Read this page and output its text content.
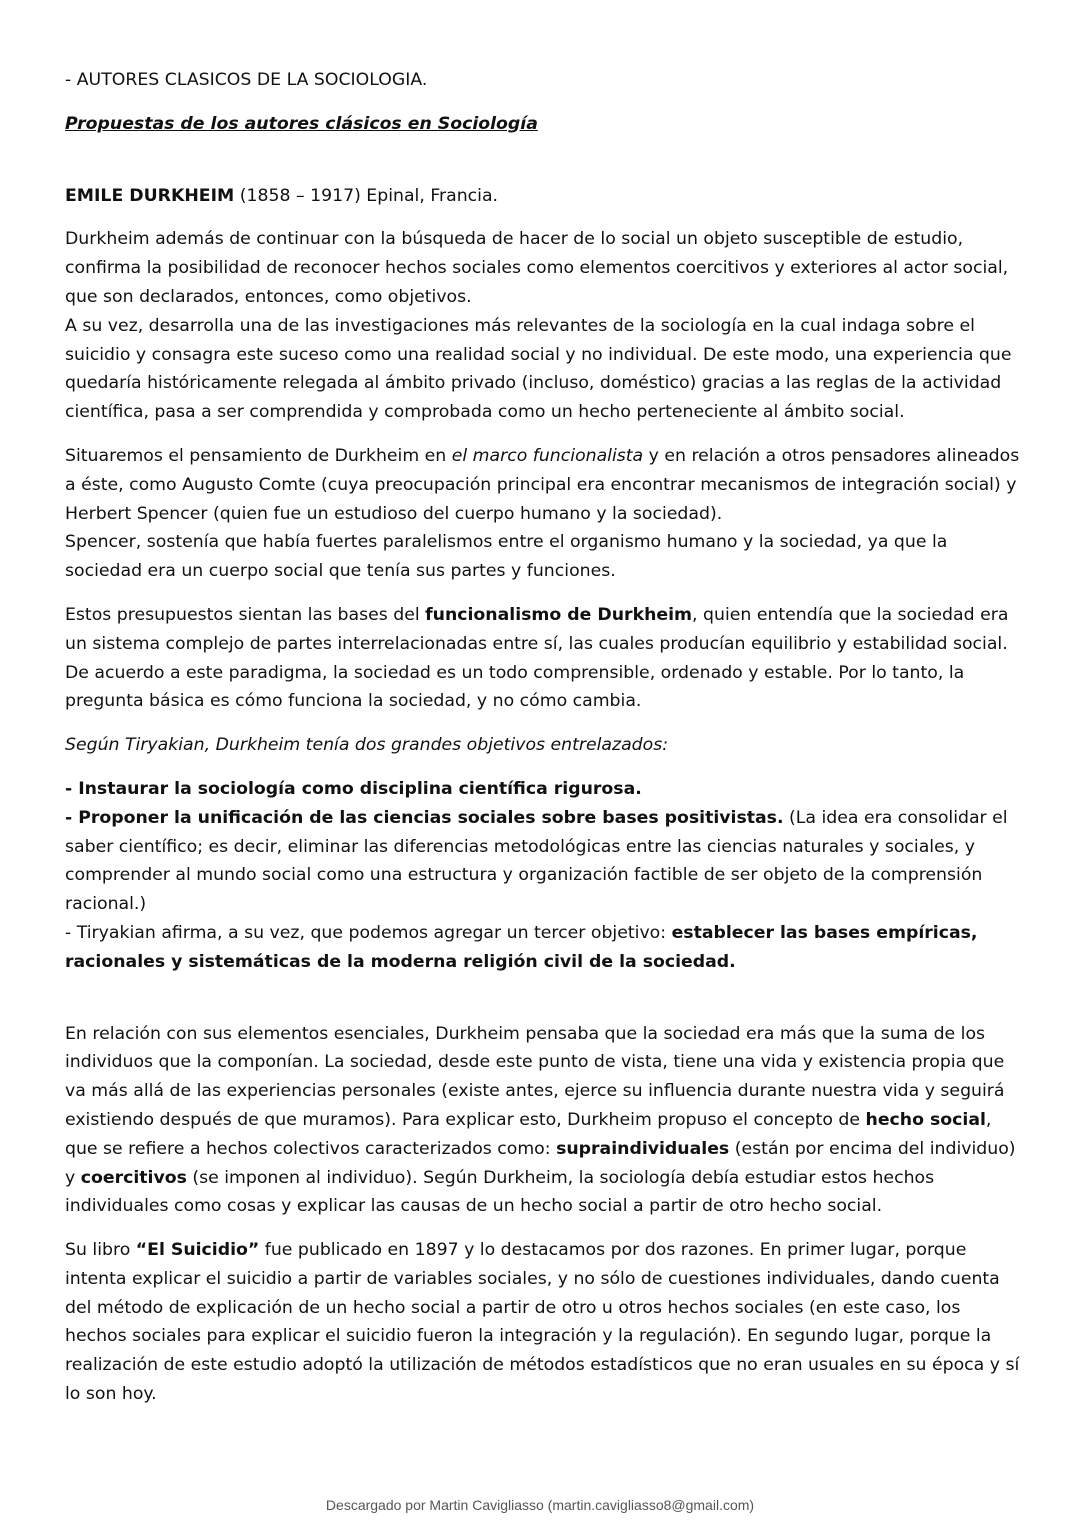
- AUTORES CLASICOS DE LA SOCIOLOGIA.

Propuestas de los autores clásicos en Sociología

EMILE DURKHEIM (1858 – 1917) Epinal, Francia.

Durkheim además de continuar con la búsqueda de hacer de lo social un objeto susceptible de estudio, confirma la posibilidad de reconocer hechos sociales como elementos coercitivos y exteriores al actor social, que son declarados, entonces, como objetivos.

A su vez, desarrolla una de las investigaciones más relevantes de la sociología en la cual indaga sobre el suicidio y consagra este suceso como una realidad social y no individual. De este modo, una experiencia que quedaría históricamente relegada al ámbito privado (incluso, doméstico) gracias a las reglas de la actividad científica, pasa a ser comprendida y comprobada como un hecho perteneciente al ámbito social.

Situaremos el pensamiento de Durkheim en el marco funcionalista y en relación a otros pensadores alineados a éste, como Augusto Comte (cuya preocupación principal era encontrar mecanismos de integración social) y Herbert Spencer (quien fue un estudioso del cuerpo humano y la sociedad).

Spencer, sostenía que había fuertes paralelismos entre el organismo humano y la sociedad, ya que la sociedad era un cuerpo social que tenía sus partes y funciones.

Estos presupuestos sientan las bases del funcionalismo de Durkheim, quien entendía que la sociedad era un sistema complejo de partes interrelacionadas entre sí, las cuales producían equilibrio y estabilidad social.

De acuerdo a este paradigma, la sociedad es un todo comprensible, ordenado y estable. Por lo tanto, la pregunta básica es cómo funciona la sociedad, y no cómo cambia.

Según Tiryakian, Durkheim tenía dos grandes objetivos entrelazados:

- Instaurar la sociología como disciplina científica rigurosa.

- Proponer la unificación de las ciencias sociales sobre bases positivistas. (La idea era consolidar el saber científico; es decir, eliminar las diferencias metodológicas entre las ciencias naturales y sociales, y comprender al mundo social como una estructura y organización factible de ser objeto de la comprensión racional.)

- Tiryakian afirma, a su vez, que podemos agregar un tercer objetivo: establecer las bases empíricas, racionales y sistemáticas de la moderna religión civil de la sociedad.

En relación con sus elementos esenciales, Durkheim pensaba que la sociedad era más que la suma de los individuos que la componían. La sociedad, desde este punto de vista, tiene una vida y existencia propia que va más allá de las experiencias personales (existe antes, ejerce su influencia durante nuestra vida y seguirá existiendo después de que muramos). Para explicar esto, Durkheim propuso el concepto de hecho social, que se refiere a hechos colectivos caracterizados como: supraindividuales (están por encima del individuo) y coercitivos (se imponen al individuo). Según Durkheim, la sociología debía estudiar estos hechos individuales como cosas y explicar las causas de un hecho social a partir de otro hecho social.

Su libro “El Suicidio” fue publicado en 1897 y lo destacamos por dos razones. En primer lugar, porque intenta explicar el suicidio a partir de variables sociales, y no sólo de cuestiones individuales, dando cuenta del método de explicación de un hecho social a partir de otro u otros hechos sociales (en este caso, los hechos sociales para explicar el suicidio fueron la integración y la regulación). En segundo lugar, porque la realización de este estudio adoptó la utilización de métodos estadísticos que no eran usuales en su época y sí lo son hoy.

Descargado por Martin Cavigliasso (martin.cavigliasso8@gmail.com)
